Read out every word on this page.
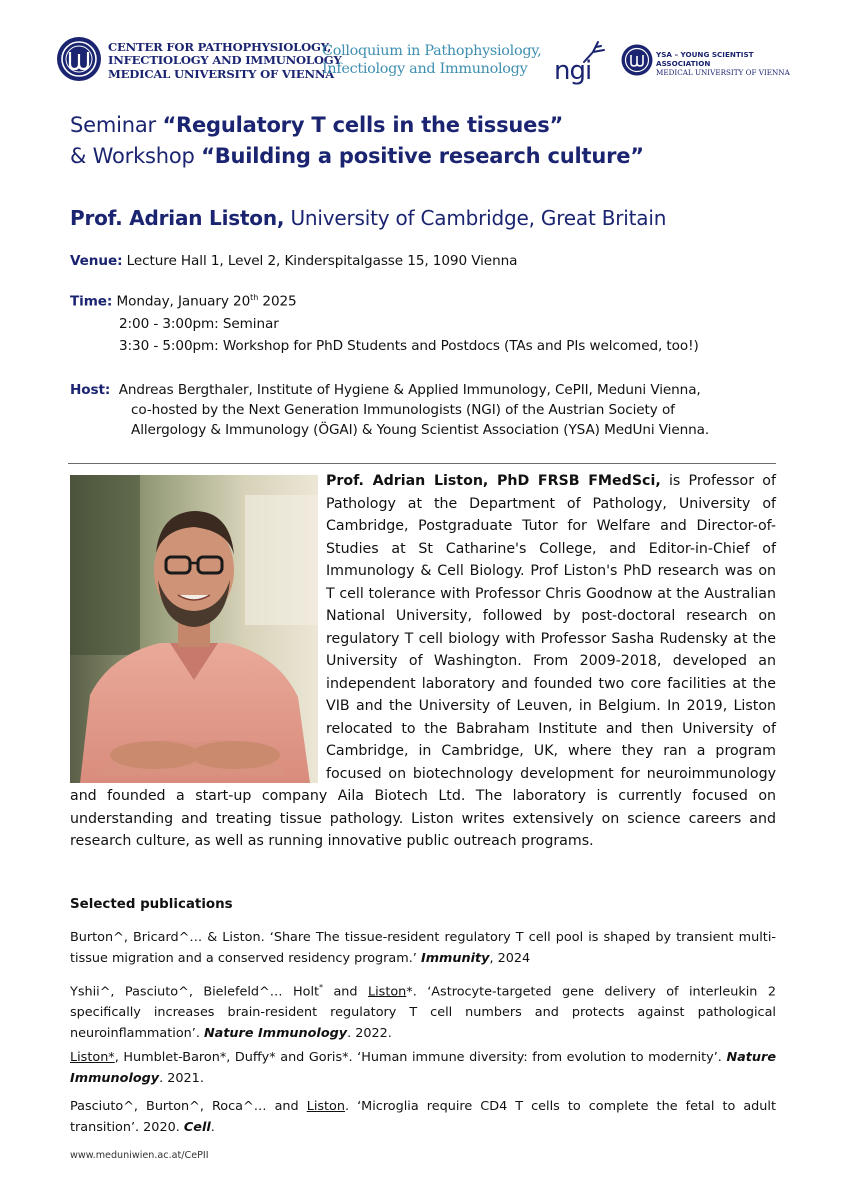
CENTER FOR PATHOPHYSIOLOGY,
INFECTIOLOGY AND IMMUNOLOGY
MEDICAL UNIVERSITY OF VIENNA
Colloquium in Pathophysiology,
Infectiology and Immunology	ngi
YSA – YOUNG SCIENTIST ASSOCIATION
MEDICAL UNIVERSITY OF VIENNA
Seminar “Regulatory T cells in the tissues”
& Workshop “Building a positive research culture”
Prof. Adrian Liston, University of Cambridge, Great Britain
Venue: Lecture Hall 1, Level 2, Kinderspitalgasse 15, 1090 Vienna
Time: Monday, January 20th 2025
2:00 - 3:00pm: Seminar
3:30 - 5:00pm: Workshop for PhD Students and Postdocs (TAs and PIs welcomed, too!)
Host:  Andreas Bergthaler, Institute of Hygiene & Applied Immunology, CePII, Meduni Vienna,
co-hosted by the Next Generation Immunologists (NGI) of the Austrian Society of
Allergology & Immunology (ÖGAI) & Young Scientist Association (YSA) MedUni Vienna.
Prof. Adrian Liston, PhD FRSB FMedSci, is Professor of Pathology at the Department of Pathology, University of Cambridge, Postgraduate Tutor for Welfare and Director-of-Studies at St Catharine's College, and Editor-in-Chief of Immunology & Cell Biology. Prof Liston's PhD research was on T cell tolerance with Professor Chris Goodnow at the Australian National University, followed by post-doctoral research on regulatory T cell biology with Professor Sasha Rudensky at the University of Washington. From 2009-2018, developed an independent laboratory and founded two core facilities at the VIB and the University of Leuven, in Belgium. In 2019, Liston relocated to the Babraham Institute and then University of Cambridge, in Cambridge, UK, where they ran a program focused on biotechnology development for neuroimmunology and founded a start-up company Aila Biotech Ltd. The laboratory is currently focused on understanding and treating tissue pathology. Liston writes extensively on science careers and research culture, as well as running innovative public outreach programs.
Selected publications
Burton^, Bricard^… & Liston. ‘Share The tissue-resident regulatory T cell pool is shaped by transient multi-tissue migration and a conserved residency program.’ Immunity, 2024
Yshii^, Pasciuto^, Bielefeld^… Holt* and Liston*. ‘Astrocyte-targeted gene delivery of interleukin 2 specifically increases brain-resident regulatory T cell numbers and protects against pathological neuroinflammation’. Nature Immunology. 2022.
Liston*, Humblet-Baron*, Duffy* and Goris*. ‘Human immune diversity: from evolution to modernity’. Nature Immunology. 2021.
Pasciuto^, Burton^, Roca^… and Liston. ‘Microglia require CD4 T cells to complete the fetal to adult transition’. 2020. Cell.
www.meduniwien.ac.at/CePII
